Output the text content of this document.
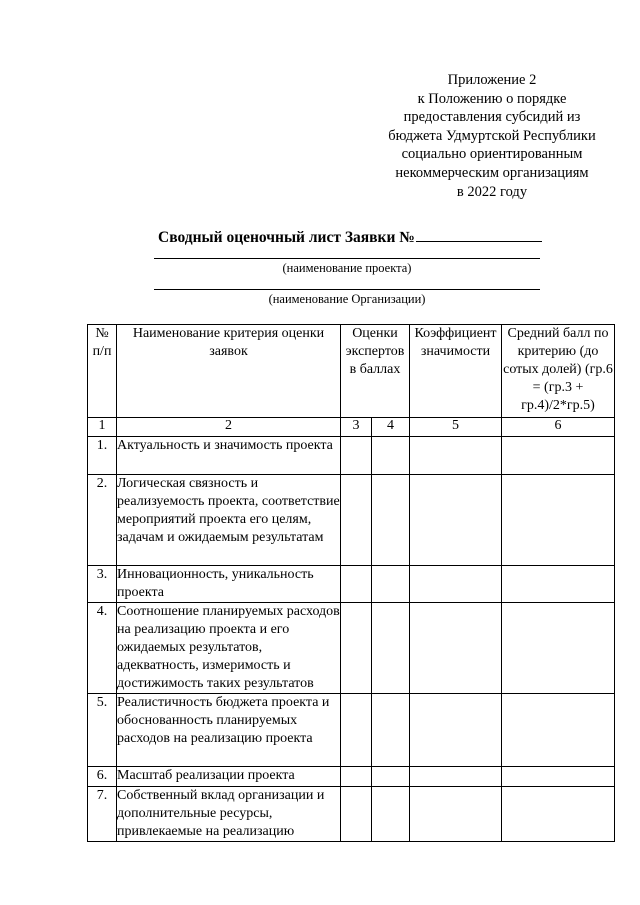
Приложение 2
к Положению о порядке
предоставления субсидий из
бюджета Удмуртской Республики
социально ориентированным
некоммерческим организациям
в 2022 году
Сводный оценочный лист Заявки №
(наименование проекта)
(наименование Организации)
№ п/п	Наименование критерия оценки заявок	Оценки экспертов в баллах		Коэффициент значимости	Средний балл по критерию (до сотых долей) (гр.6 = (гр.3 + гр.4)/2*гр.5)
1	2	3	4	5	6
1.	Актуальность и значимость проекта				
2.	Логическая связность и реализуемость проекта, соответствие мероприятий проекта его целям, задачам и ожидаемым результатам				
3.	Инновационность, уникальность проекта				
4.	Соотношение планируемых расходов на реализацию проекта и его ожидаемых результатов, адекватность, измеримость и достижимость таких результатов				
5.	Реалистичность бюджета проекта и обоснованность планируемых расходов на реализацию проекта				
6.	Масштаб реализации проекта				
7.	Собственный вклад организации и дополнительные ресурсы, привлекаемые на реализацию				
